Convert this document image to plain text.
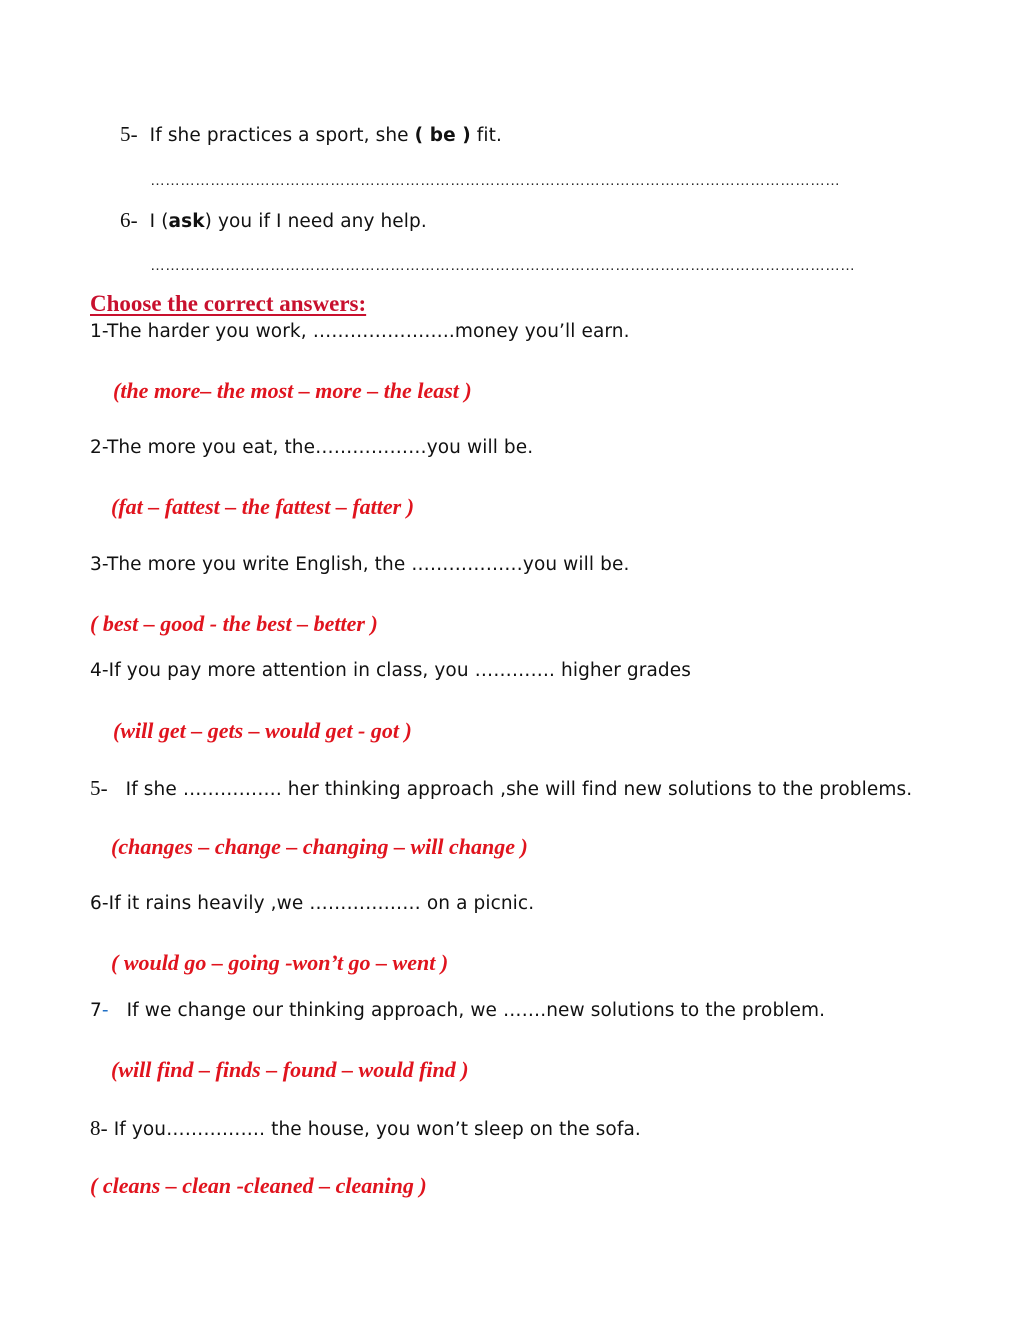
5- If she practices a sport, she ( be ) fit.
…………………………………………………………………………………………………………………………
6- I (ask) you if I need any help.
……………………………………………………………………………………………………………………………
Choose the correct answers:
1-The harder you work, …………………..money you’ll earn.
(the more– the most – more – the least )
2-The more you eat, the………………you will be.
(fat – fattest – the fattest – fatter )
3-The more you write English, the ………………you will be.
( best – good - the best – better )
4-If you pay more attention in class, you …………. higher grades
(will get – gets – would get - got )
5- If she ……………. her thinking approach ,she will find new solutions to the problems.
(changes – change – changing – will change )
6-If it rains heavily ,we ……………… on a picnic.
( would go – going -won’t go – went )
7- If we change our thinking approach, we …….new solutions to the problem.
(will find – finds – found – would find )
8- If you……………. the house, you won’t sleep on the sofa.
( cleans – clean -cleaned – cleaning )
